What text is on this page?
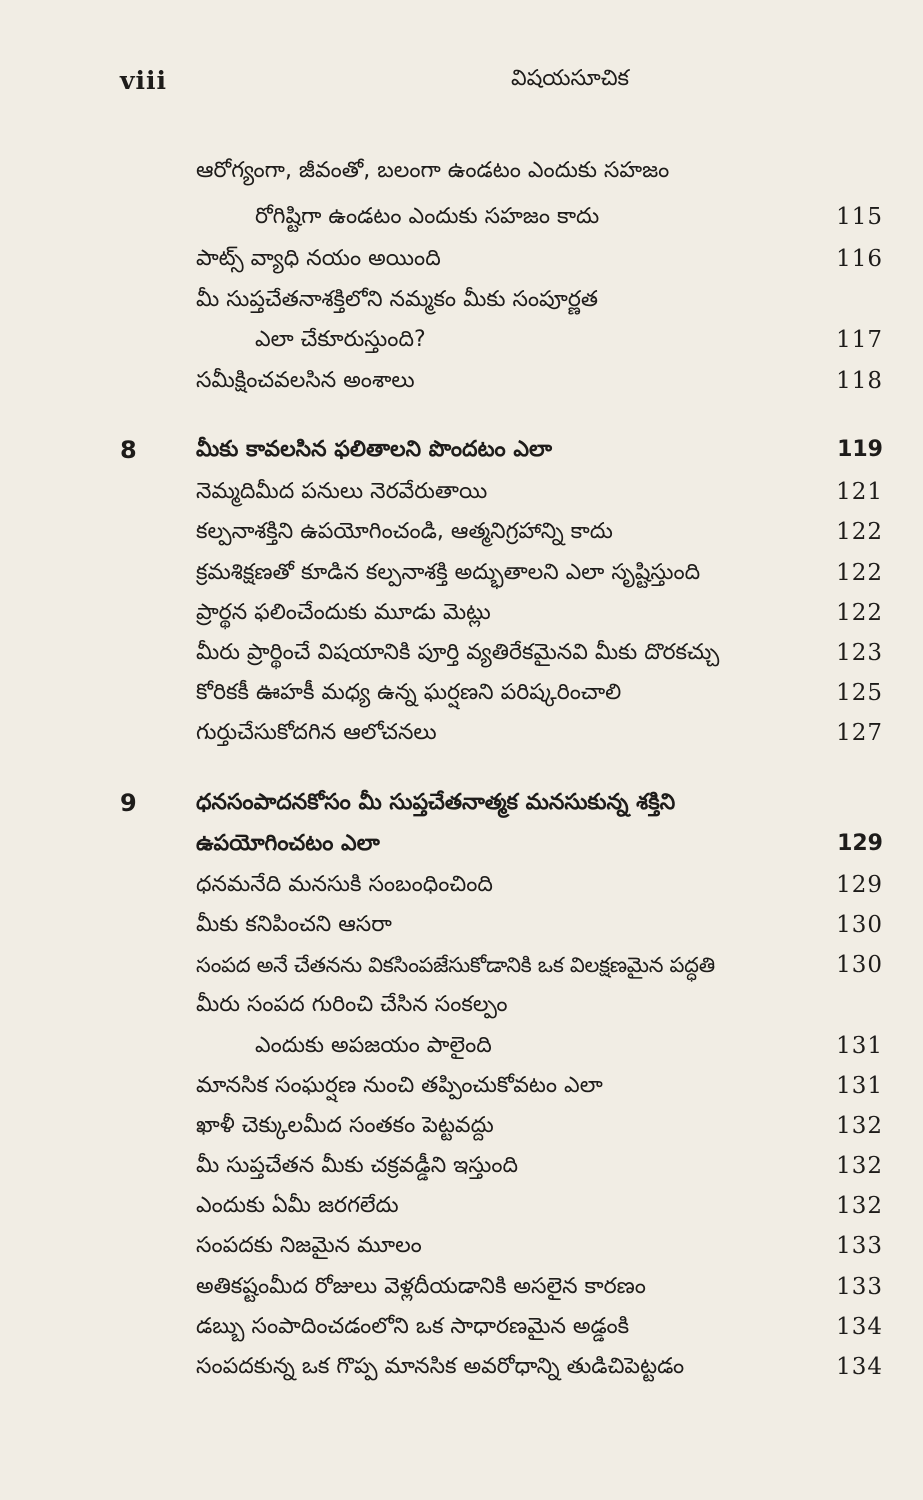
viii	విషయసూచిక
ఆరోగ్యంగా, జీవంతో, బలంగా ఉండటం ఎందుకు సహజం
రోగిష్టిగా ఉండటం ఎందుకు సహజం కాదు	115
పాట్స్ వ్యాధి నయం అయింది	116
మీ సుప్తచేతనాశక్తిలోని నమ్మకం మీకు సంపూర్ణత
ఎలా చేకూరుస్తుంది?	117
సమీక్షించవలసిన అంశాలు	118
8	మీకు కావలసిన ఫలితాలని పొందటం ఎలా	119
నెమ్మదిమీద పనులు నెరవేరుతాయి	121
కల్పనాశక్తిని ఉపయోగించండి, ఆత్మనిగ్రహాన్ని కాదు	122
క్రమశిక్షణతో కూడిన కల్పనాశక్తి అద్భుతాలని ఎలా సృష్టిస్తుంది	122
ప్రార్థన ఫలించేందుకు మూడు మెట్లు	122
మీరు ప్రార్థించే విషయానికి పూర్తి వ్యతిరేకమైనవి మీకు దొరకచ్చు	123
కోరికకీ ఊహకీ మధ్య ఉన్న ఘర్షణని పరిష్కరించాలి	125
గుర్తుచేసుకోదగిన ఆలోచనలు	127
9	ధనసంపాదనకోసం మీ సుప్తచేతనాత్మక మనసుకున్న శక్తిని
ఉపయోగించటం ఎలా	129
ధనమనేది మనసుకి సంబంధించింది	129
మీకు కనిపించని ఆసరా	130
సంపద అనే చేతనను వికసింపజేసుకోడానికి ఒక విలక్షణమైన పద్ధతి	130
మీరు సంపద గురించి చేసిన సంకల్పం
ఎందుకు అపజయం పాలైంది	131
మానసిక సంఘర్షణ నుంచి తప్పించుకోవటం ఎలా	131
ఖాళీ చెక్కులమీద సంతకం పెట్టవద్దు	132
మీ సుప్తచేతన మీకు చక్రవడ్డీని ఇస్తుంది	132
ఎందుకు ఏమీ జరగలేదు	132
సంపదకు నిజమైన మూలం	133
అతికష్టంమీద రోజులు వెళ్లదీయడానికి అసలైన కారణం	133
డబ్బు సంపాదించడంలోని ఒక సాధారణమైన అడ్డంకి	134
సంపదకున్న ఒక గొప్ప మానసిక అవరోధాన్ని తుడిచిపెట్టడం	134
